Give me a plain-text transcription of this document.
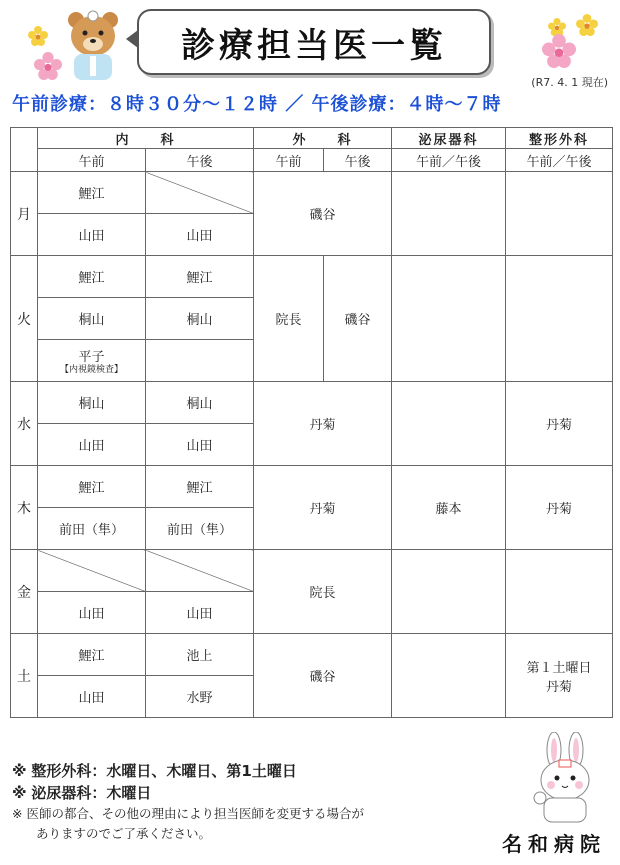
診療担当医一覧
(R7. 4. 1 現在)
午前診療：８時３０分～１２時 ／ 午後診療：４時～７時
	内　　科		外　　科		泌尿器科	整形外科
	午前	午後	午前	午後	午前／午後	午前／午後
月	鯉江		磯谷			
	山田	山田				
火	鯉江	鯉江	院長	磯谷		
	桐山	桐山				
	平子
【内視鏡検査】					

水	桐山	桐山	丹菊			丹菊
	山田	山田				
木	鯉江	鯉江	丹菊		藤本	丹菊
	前田（隼）	前田（隼）				
金			院長			
	山田	山田				
土	鯉江	池上	磯谷			第１土曜日
丹菊
	山田	水野				
※ 整形外科：水曜日、木曜日、第1土曜日
※ 泌尿器科：木曜日
※ 医師の都合、その他の理由により担当医師を変更する場合が
ありますのでご了承ください。	名和病院
